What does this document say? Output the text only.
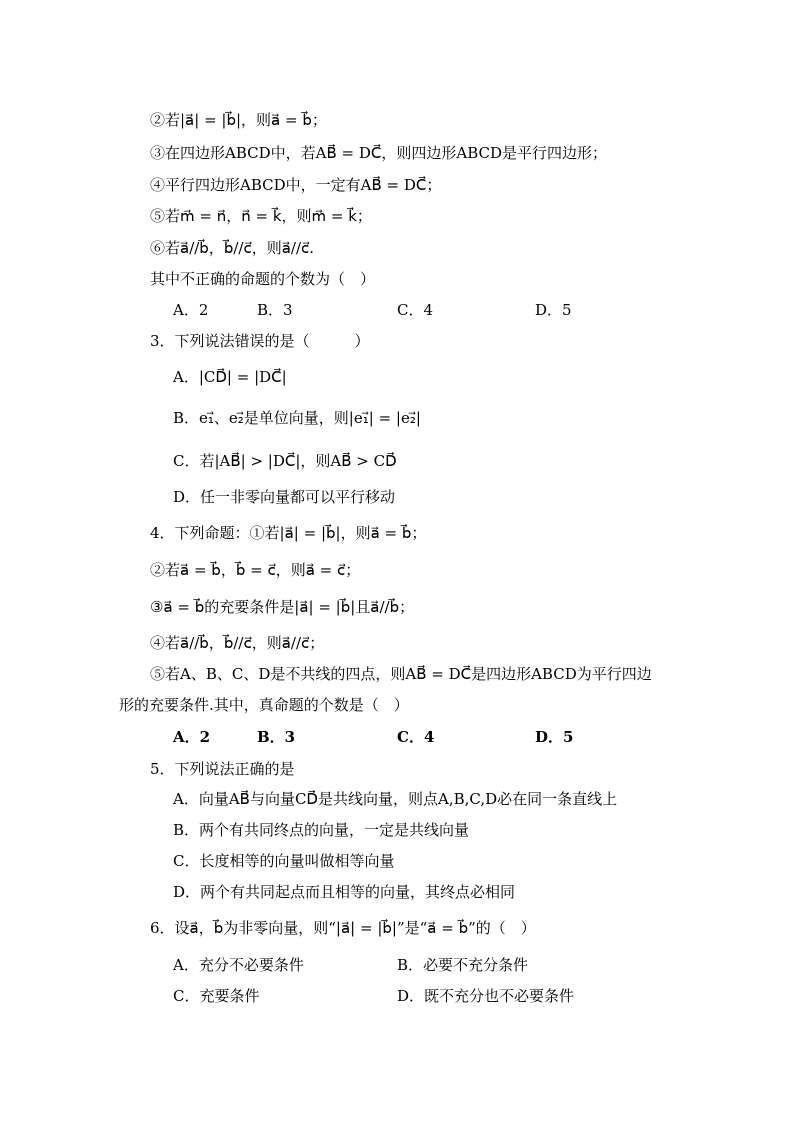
②若|a⃗| = |b⃗|，则a⃗ = b⃗；
③在四边形ABCD中，若AB⃗ = DC⃗，则四边形ABCD是平行四边形；
④平行四边形ABCD中，一定有AB⃗ = DC⃗；
⑤若m⃗ = n⃗，n⃗ = k⃗，则m⃗ = k⃗；
⑥若a⃗//b⃗，b⃗//c⃗，则a⃗//c⃗.
其中不正确的命题的个数为（　）
A．2	B．3	C．4	D．5
3．下列说法错误的是（　　　）
A．|CD⃗| = |DC⃗|
B．e₁⃗、e₂⃗是单位向量，则|e₁⃗| = |e₂⃗|
C．若|AB⃗| > |DC⃗|，则AB⃗ > CD⃗
D．任一非零向量都可以平行移动
4．下列命题：①若|a⃗| = |b⃗|，则a⃗ = b⃗；
②若a⃗ = b⃗，b⃗ = c⃗，则a⃗ = c⃗；
③a⃗ = b⃗的充要条件是|a⃗| = |b⃗|且a⃗//b⃗；
④若a⃗//b⃗，b⃗//c⃗，则a⃗//c⃗；
⑤若A、B、C、D是不共线的四点，则AB⃗ = DC⃗是四边形ABCD为平行四边
形的充要条件.其中，真命题的个数是（　）
A．2	B．3	C．4	D．5
5．下列说法正确的是
A．向量AB⃗与向量CD⃗是共线向量，则点A,B,C,D必在同一条直线上
B．两个有共同终点的向量，一定是共线向量
C．长度相等的向量叫做相等向量
D．两个有共同起点而且相等的向量，其终点必相同
6．设a⃗，b⃗为非零向量，则“|a⃗| = |b⃗|”是“a⃗ = b⃗”的（　）
A．充分不必要条件	B．必要不充分条件
C．充要条件	D．既不充分也不必要条件
